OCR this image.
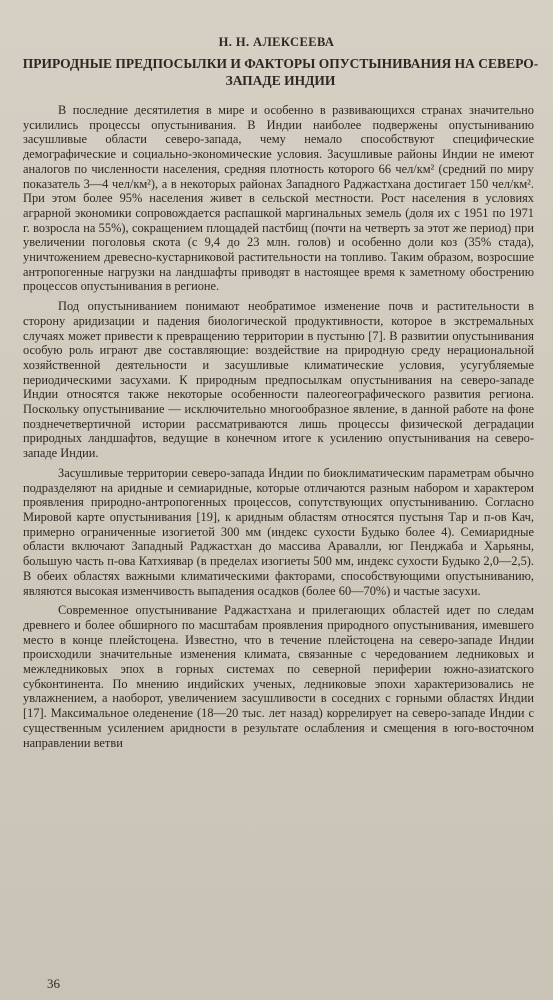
Н. Н. АЛЕКСЕЕВА
ПРИРОДНЫЕ ПРЕДПОСЫЛКИ И ФАКТОРЫ ОПУСТЫНИВАНИЯ НА СЕВЕРО-ЗАПАДЕ ИНДИИ

В последние десятилетия в мире и особенно в развивающихся странах значительно усилились процессы опустынивания. В Индии наиболее подвержены опустыниванию засушливые области северо-запада, чему немало способствуют специфические демографические и социально-экономические условия. Засушливые районы Индии не имеют аналогов по численности населения, средняя плотность которого 66 чел/км² (средний по миру показатель 3—4 чел/км²), а в некоторых районах Западного Раджастхана достигает 150 чел/км². При этом более 95% населения живет в сельской местности. Рост населения в условиях аграрной экономики сопровождается распашкой маргинальных земель (доля их с 1951 по 1971 г. возросла на 55%), сокращением площадей пастбищ (почти на четверть за этот же период) при увеличении поголовья скота (с 9,4 до 23 млн. голов) и особенно доли коз (35% стада), уничтожением древесно-кустарниковой растительности на топливо. Таким образом, возросшие антропогенные нагрузки на ландшафты приводят в настоящее время к заметному обострению процессов опустынивания в регионе.

Под опустыниванием понимают необратимое изменение почв и растительности в сторону аридизации и падения биологической продуктивности, которое в экстремальных случаях может привести к превращению территории в пустыню [7]. В развитии опустынивания особую роль играют две составляющие: воздействие на природную среду нерациональной хозяйственной деятельности и засушливые климатические условия, усугубляемые периодическими засухами. К природным предпосылкам опустынивания на северо-западе Индии относятся также некоторые особенности палеогеографического развития региона. Поскольку опустынивание — исключительно многообразное явление, в данной работе на фоне позднечетвертичной истории рассматриваются лишь процессы физической деградации природных ландшафтов, ведущие в конечном итоге к усилению опустынивания на северо-западе Индии.

Засушливые территории северо-запада Индии по биоклиматическим параметрам обычно подразделяют на аридные и семиаридные, которые отличаются разным набором и характером проявления природно-антропогенных процессов, сопутствующих опустыниванию. Согласно Мировой карте опустынивания [19], к аридным областям относятся пустыня Тар и п-ов Кач, примерно ограниченные изогиетой 300 мм (индекс сухости Будыко более 4). Семиаридные области включают Западный Раджастхан до массива Аравалли, юг Пенджаба и Харьяны, большую часть п-ова Катхиявар (в пределах изогиеты 500 мм, индекс сухости Будыко 2,0—2,5). В обеих областях важными климатическими факторами, способствующими опустыниванию, являются высокая изменчивость выпадения осадков (более 60—70%) и частые засухи.

Современное опустынивание Раджастхана и прилегающих областей идет по следам древнего и более обширного по масштабам проявления природного опустынивания, имевшего место в конце плейстоцена. Известно, что в течение плейстоцена на северо-западе Индии происходили значительные изменения климата, связанные с чередованием ледниковых и межледниковых эпох в горных системах по северной периферии южно-азиатского субконтинента. По мнению индийских ученых, ледниковые эпохи характеризовались не увлажнением, а наоборот, увеличением засушливости в соседних с горными областях Индии [17]. Максимальное оледенение (18—20 тыс. лет назад) коррелирует на северо-западе Индии с существенным усилением аридности в результате ослабления и смещения в юго-восточном направлении ветви

36
